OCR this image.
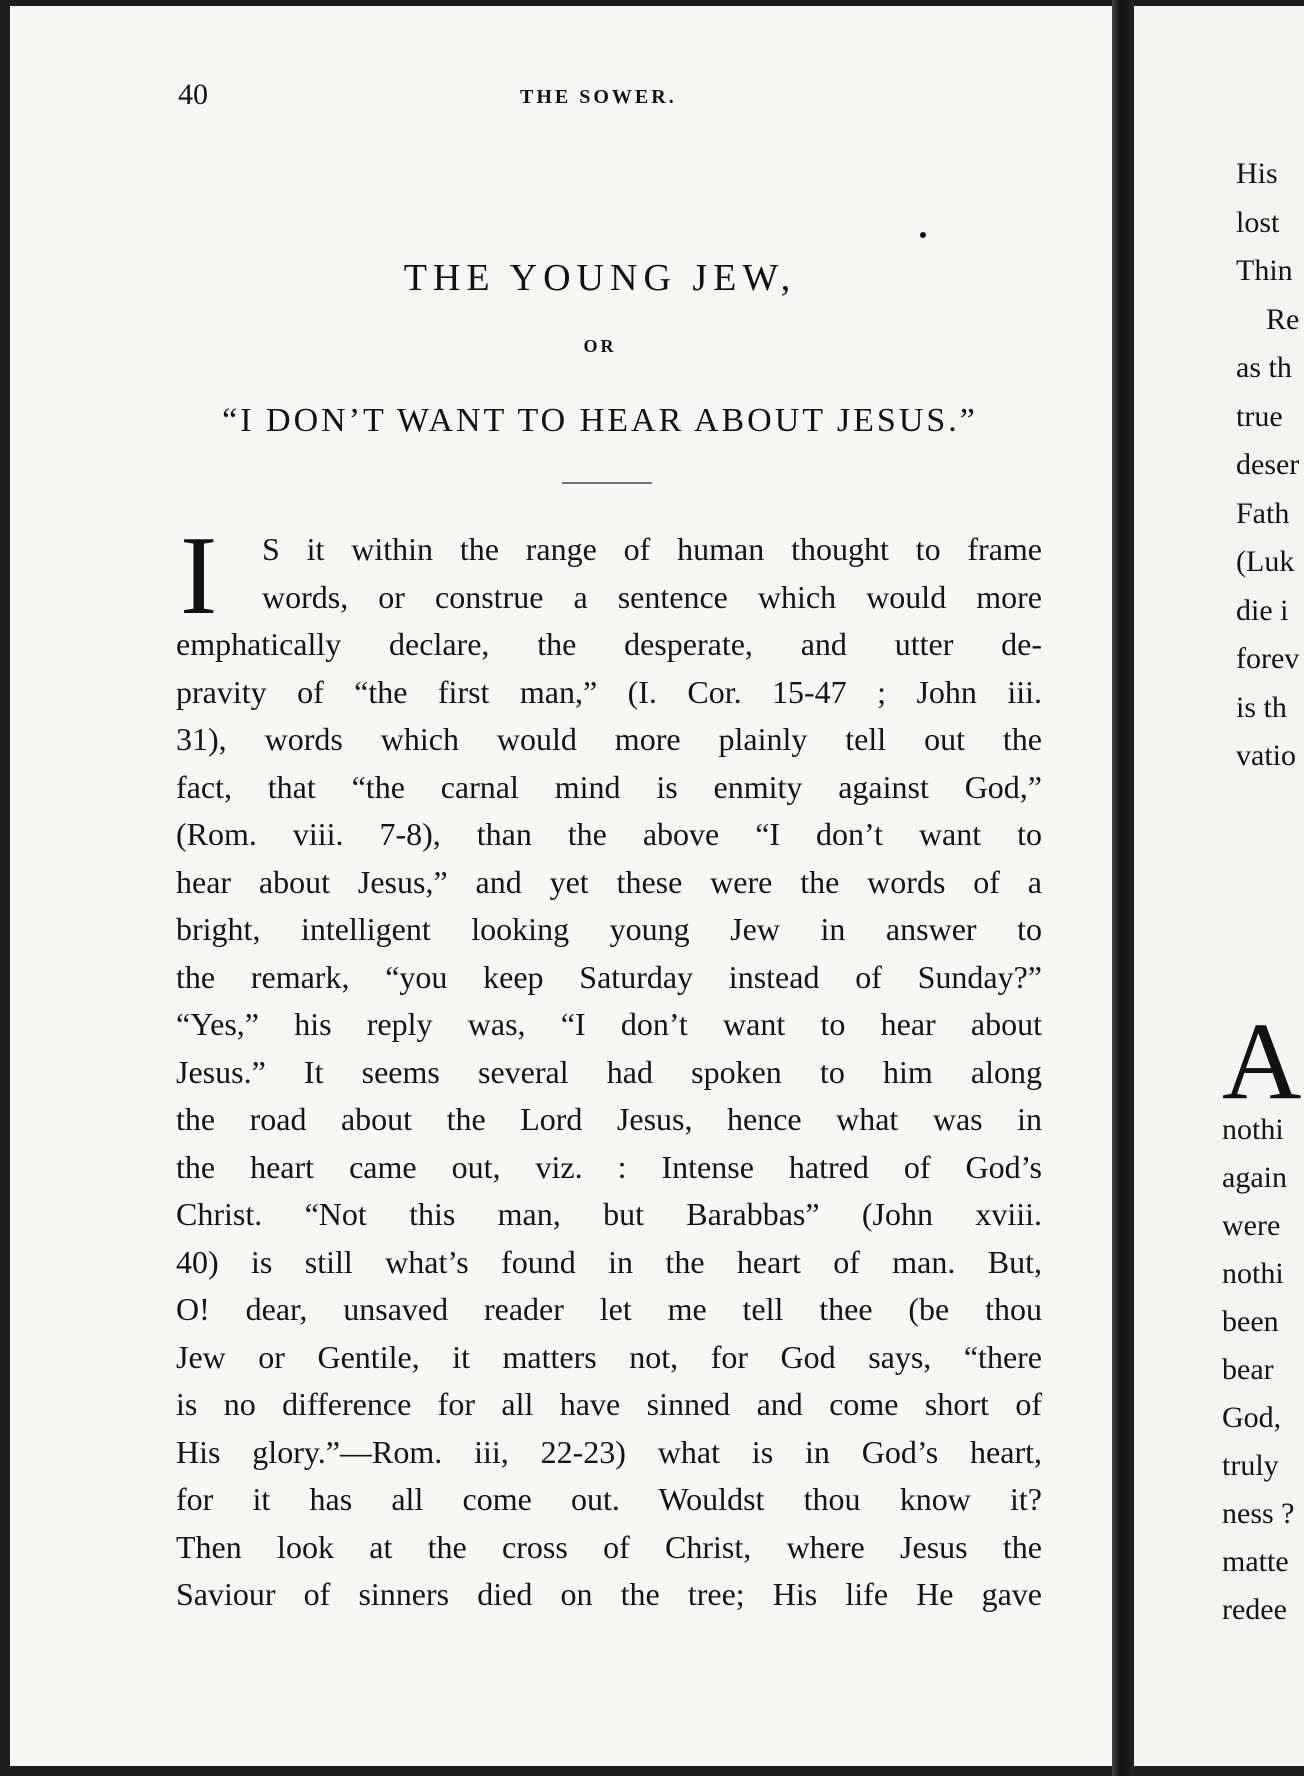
40	THE SOWER.
THE YOUNG JEW,
OR
“I DON’T WANT TO HEAR ABOUT JESUS.”
I	S it within the range of human thought to frame
words, or construe a sentence which would more
emphatically declare, the desperate, and utter de-
pravity of “the first man,” (I. Cor. 15-47 ; John iii.
31), words which would more plainly tell out the
fact, that “the carnal mind is enmity against God,”
(Rom. viii. 7-8), than the above “I don’t want to
hear about Jesus,” and yet these were the words of a
bright, intelligent looking young Jew in answer to
the remark, “you keep Saturday instead of Sunday?”
“Yes,” his reply was, “I don’t want to hear about
Jesus.” It seems several had spoken to him along
the road about the Lord Jesus, hence what was in
the heart came out, viz. : Intense hatred of God’s
Christ. “Not this man, but Barabbas” (John xviii.
40) is still what’s found in the heart of man. But,
O! dear, unsaved reader let me tell thee (be thou
Jew or Gentile, it matters not, for God says, “there
is no difference for all have sinned and come short of
His glory.”—Rom. iii, 22-23) what is in God’s heart,
for it has all come out. Wouldst thou know it?
Then look at the cross of Christ, where Jesus the
Saviour of sinners died on the tree; His life He gave
His
lost
Thin
Re
as th
true
deser
Fath
(Luk
die i
forev
is th
vatio
A
nothi
again
were
nothi
been
bear
God,
truly
ness ?
matte
redee
